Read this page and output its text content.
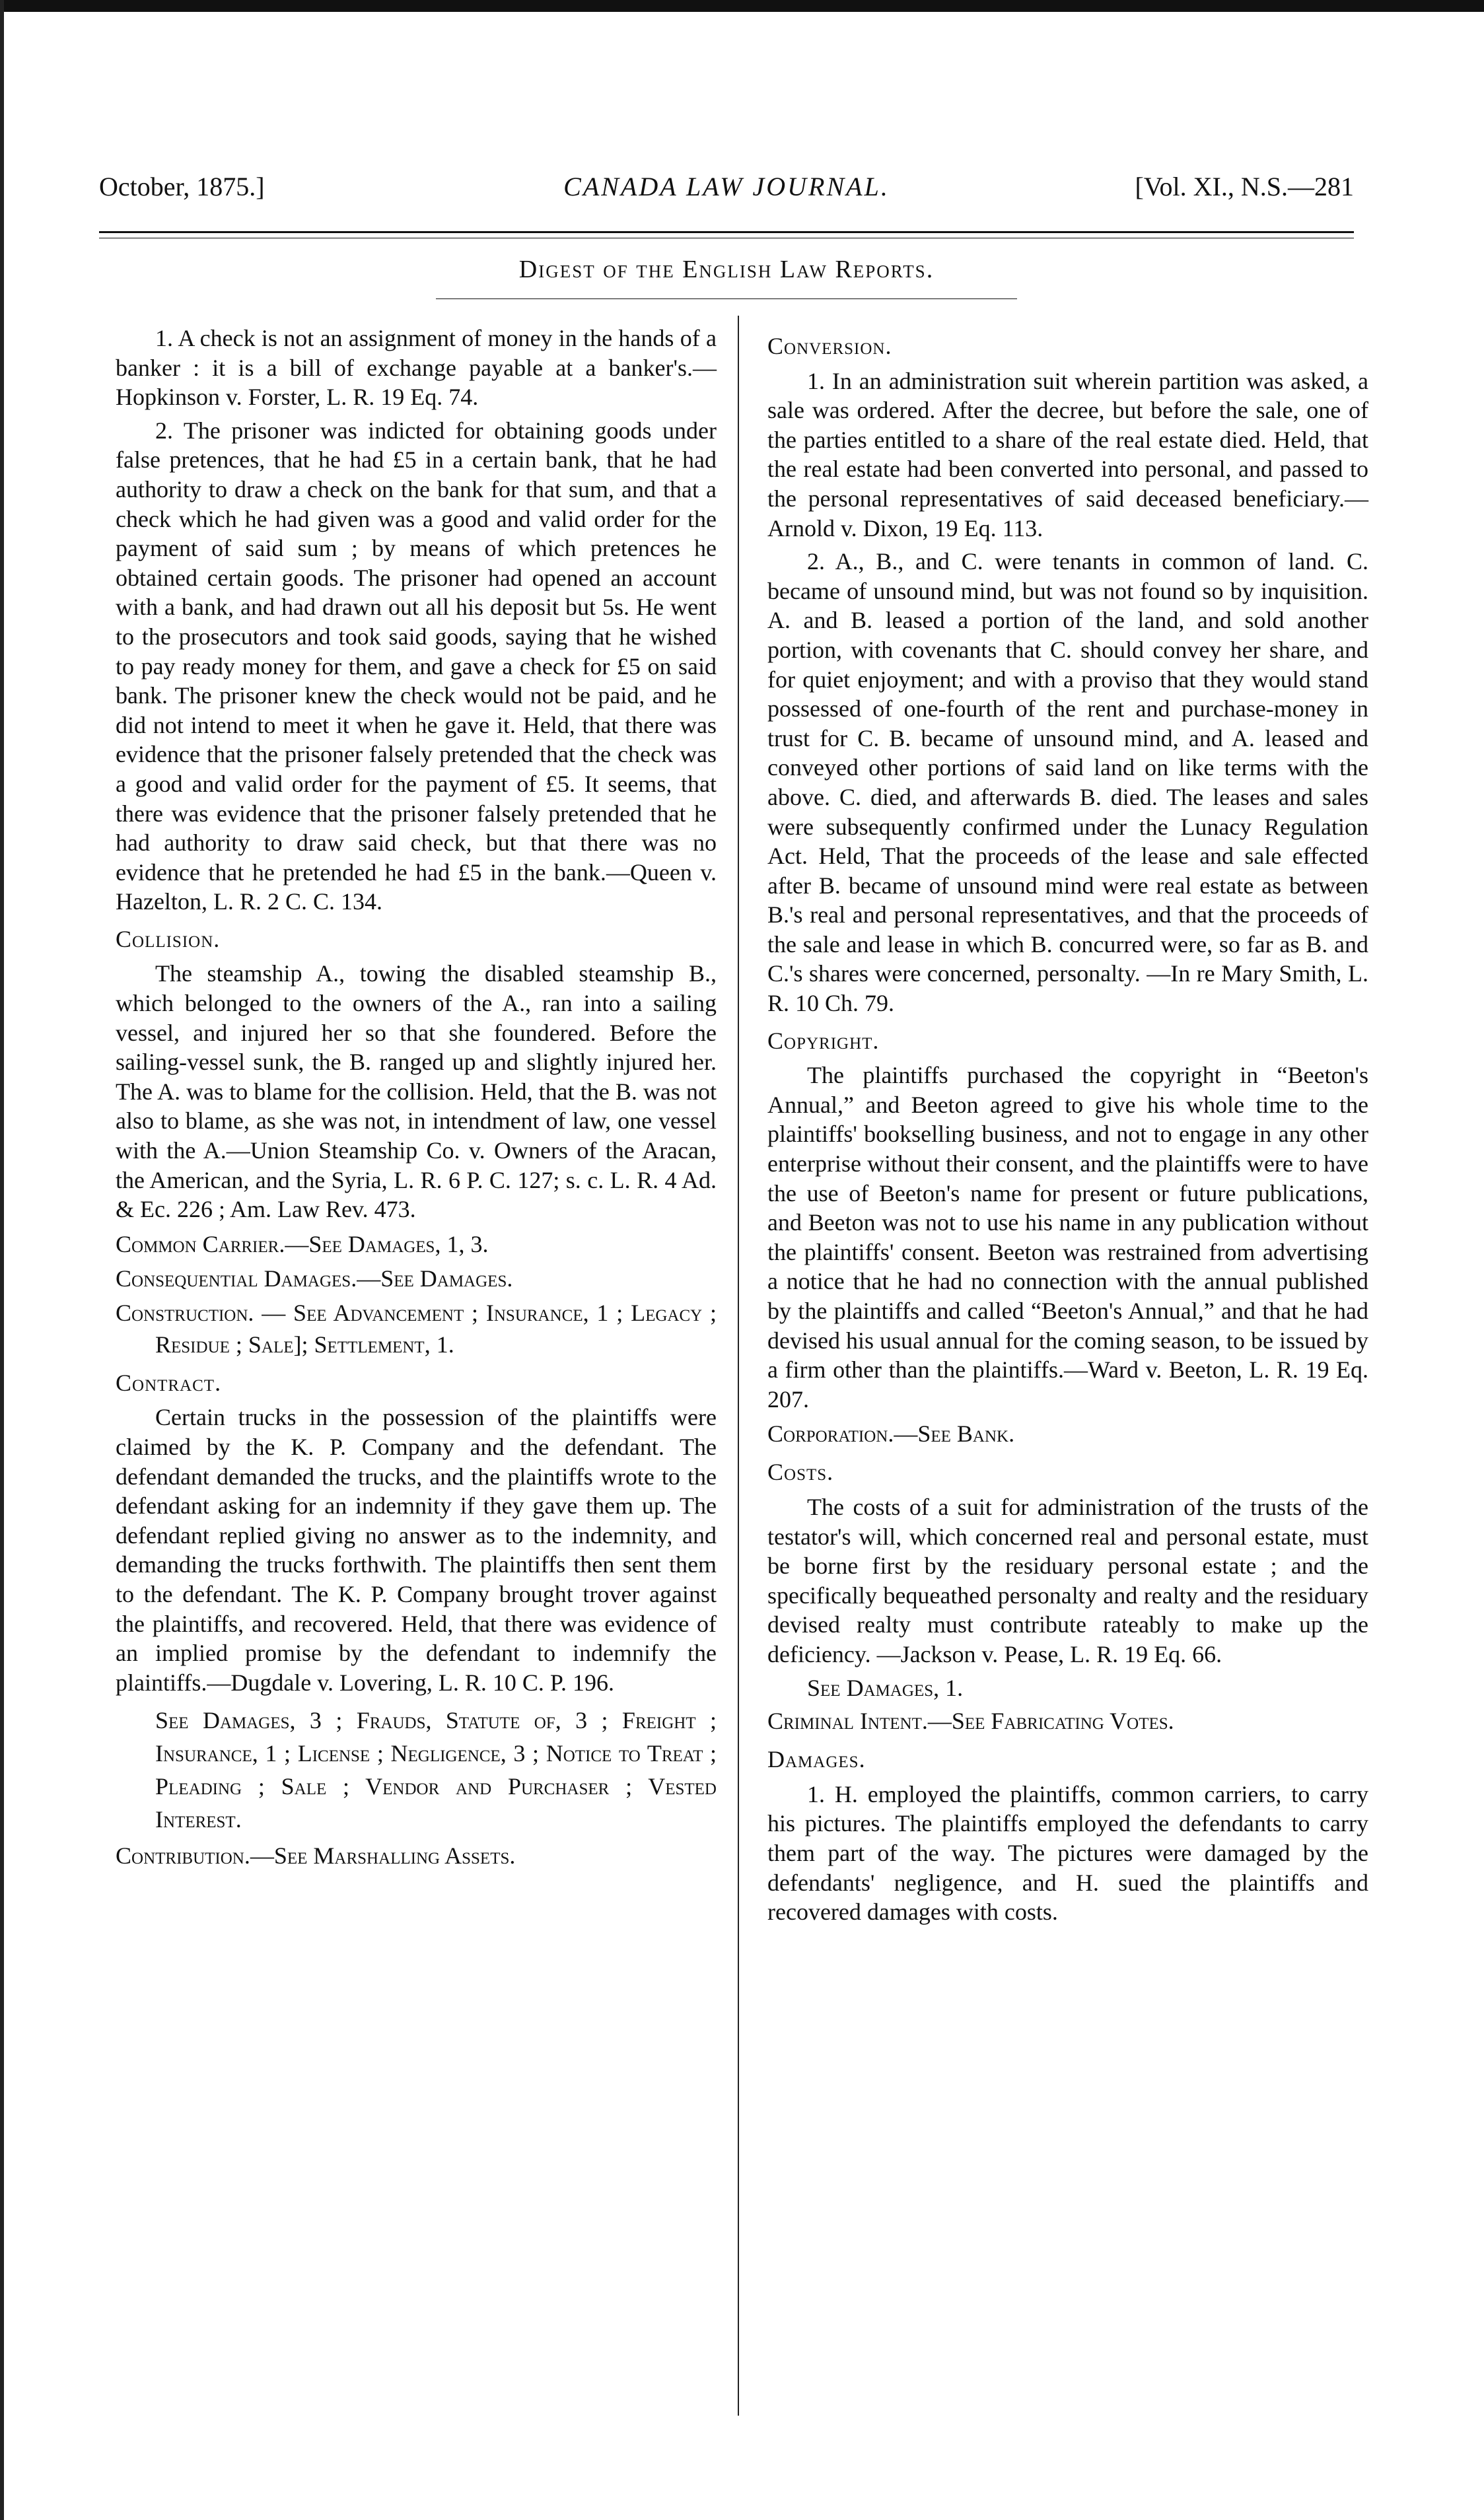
October, 1875.]	CANADA LAW JOURNAL.	[Vol. XI., N.S.—281
Digest of the English Law Reports.

1. A check is not an assignment of money in the hands of a banker : it is a bill of exchange payable at a banker's.—Hopkinson v. Forster, L. R. 19 Eq. 74.

2. The prisoner was indicted for obtaining goods under false pretences, that he had £5 in a certain bank, that he had authority to draw a check on the bank for that sum, and that a check which he had given was a good and valid order for the payment of said sum ; by means of which pretences he obtained certain goods. The prisoner had opened an account with a bank, and had drawn out all his deposit but 5s. He went to the prosecutors and took said goods, saying that he wished to pay ready money for them, and gave a check for £5 on said bank. The prisoner knew the check would not be paid, and he did not intend to meet it when he gave it. Held, that there was evidence that the prisoner falsely pretended that the check was a good and valid order for the payment of £5. It seems, that there was evidence that the prisoner falsely pretended that he had authority to draw said check, but that there was no evidence that he pretended he had £5 in the bank.—Queen v. Hazelton, L. R. 2 C. C. 134.

Collision.

The steamship A., towing the disabled steamship B., which belonged to the owners of the A., ran into a sailing vessel, and injured her so that she foundered. Before the sailing-vessel sunk, the B. ranged up and slightly injured her. The A. was to blame for the collision. Held, that the B. was not also to blame, as she was not, in intendment of law, one vessel with the A.—Union Steamship Co. v. Owners of the Aracan, the American, and the Syria, L. R. 6 P. C. 127; s. c. L. R. 4 Ad. & Ec. 226 ; Am. Law Rev. 473.

Common Carrier.—See Damages, 1, 3.
Consequential Damages.—See Damages.
Construction. — See Advancement ; Insurance, 1 ; Legacy ; Residue ; Sale]; Settlement, 1.
Contract.

Certain trucks in the possession of the plaintiffs were claimed by the K. P. Company and the defendant. The defendant demanded the trucks, and the plaintiffs wrote to the defendant asking for an indemnity if they gave them up. The defendant replied giving no answer as to the indemnity, and demanding the trucks forthwith. The plaintiffs then sent them to the defendant. The K. P. Company brought trover against the plaintiffs, and recovered. Held, that there was evidence of an implied promise by the defendant to indemnify the plaintiffs.—Dugdale v. Lovering, L. R. 10 C. P. 196.

See Damages, 3 ; Frauds, Statute of, 3 ; Freight ; Insurance, 1 ; License ; Negligence, 3 ; Notice to Treat ; Pleading ; Sale ; Vendor and Purchaser ; Vested Interest.
Contribution.—See Marshalling Assets.
Conversion.

1. In an administration suit wherein partition was asked, a sale was ordered. After the decree, but before the sale, one of the parties entitled to a share of the real estate died. Held, that the real estate had been converted into personal, and passed to the personal representatives of said deceased beneficiary.—Arnold v. Dixon, 19 Eq. 113.

2. A., B., and C. were tenants in common of land. C. became of unsound mind, but was not found so by inquisition. A. and B. leased a portion of the land, and sold another portion, with covenants that C. should convey her share, and for quiet enjoyment; and with a proviso that they would stand possessed of one-fourth of the rent and purchase-money in trust for C. B. became of unsound mind, and A. leased and conveyed other portions of said land on like terms with the above. C. died, and afterwards B. died. The leases and sales were subsequently confirmed under the Lunacy Regulation Act. Held, That the proceeds of the lease and sale effected after B. became of unsound mind were real estate as between B.'s real and personal representatives, and that the proceeds of the sale and lease in which B. concurred were, so far as B. and C.'s shares were concerned, personalty. —In re Mary Smith, L. R. 10 Ch. 79.

Copyright.

The plaintiffs purchased the copyright in “Beeton's Annual,” and Beeton agreed to give his whole time to the plaintiffs' bookselling business, and not to engage in any other enterprise without their consent, and the plaintiffs were to have the use of Beeton's name for present or future publications, and Beeton was not to use his name in any publication without the plaintiffs' consent. Beeton was restrained from advertising a notice that he had no connection with the annual published by the plaintiffs and called “Beeton's Annual,” and that he had devised his usual annual for the coming season, to be issued by a firm other than the plaintiffs.—Ward v. Beeton, L. R. 19 Eq. 207.

Corporation.—See Bank.
Costs.

The costs of a suit for administration of the trusts of the testator's will, which concerned real and personal estate, must be borne first by the residuary personal estate ; and the specifically bequeathed personalty and realty and the residuary devised realty must contribute rateably to make up the deficiency. —Jackson v. Pease, L. R. 19 Eq. 66.

See Damages, 1.
Criminal Intent.—See Fabricating Votes.
Damages.

1. H. employed the plaintiffs, common carriers, to carry his pictures. The plaintiffs employed the defendants to carry them part of the way. The pictures were damaged by the defendants' negligence, and H. sued the plaintiffs and recovered damages with costs.
